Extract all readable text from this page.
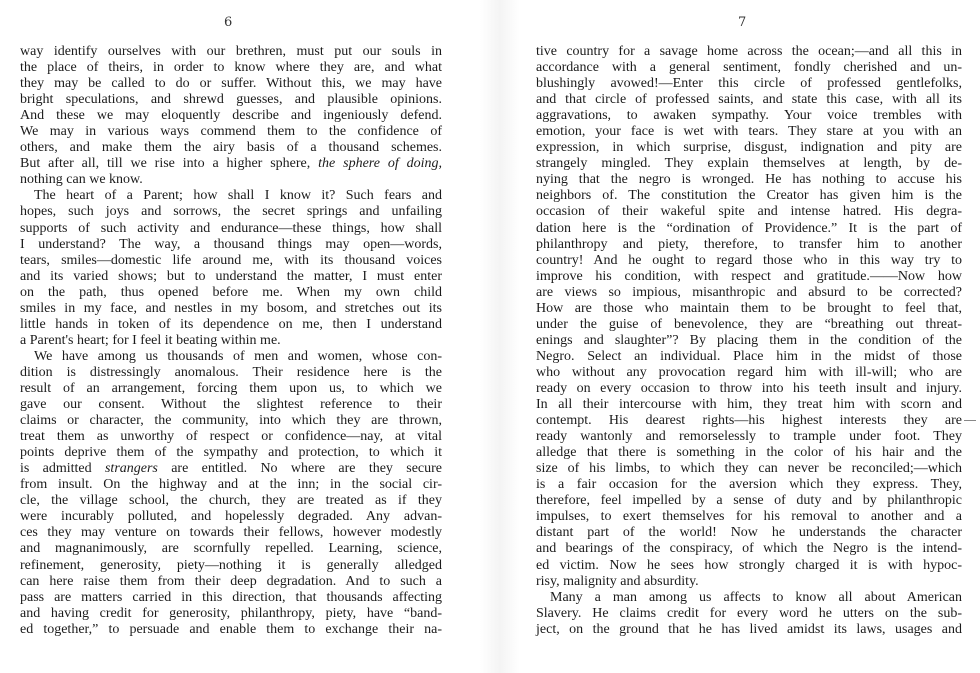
6
way identify ourselves with our brethren, must put our souls in
the place of theirs, in order to know where they are, and what
they may be called to do or suffer. Without this, we may have
bright speculations, and shrewd guesses, and plausible opinions.
And these we may eloquently describe and ingeniously defend.
We may in various ways commend them to the confidence of
others, and make them the airy basis of a thousand schemes.
But after all, till we rise into a higher sphere, the sphere of doing,
nothing can we know.
The heart of a Parent; how shall I know it? Such fears and
hopes, such joys and sorrows, the secret springs and unfailing
supports of such activity and endurance—these things, how shall
I understand? The way, a thousand things may open—words,
tears, smiles—domestic life around me, with its thousand voices
and its varied shows; but to understand the matter, I must enter
on the path, thus opened before me. When my own child
smiles in my face, and nestles in my bosom, and stretches out its
little hands in token of its dependence on me, then I understand
a Parent's heart; for I feel it beating within me.
We have among us thousands of men and women, whose con-
dition is distressingly anomalous. Their residence here is the
result of an arrangement, forcing them upon us, to which we
gave our consent. Without the slightest reference to their
claims or character, the community, into which they are thrown,
treat them as unworthy of respect or confidence—nay, at vital
points deprive them of the sympathy and protection, to which it
is admitted strangers are entitled. No where are they secure
from insult. On the highway and at the inn; in the social cir-
cle, the village school, the church, they are treated as if they
were incurably polluted, and hopelessly degraded. Any advan-
ces they may venture on towards their fellows, however modestly
and magnanimously, are scornfully repelled. Learning, science,
refinement, generosity, piety—nothing it is generally alledged
can here raise them from their deep degradation. And to such a
pass are matters carried in this direction, that thousands affecting
and having credit for generosity, philanthropy, piety, have “band-
ed together,” to persuade and enable them to exchange their na-
7
tive country for a savage home across the ocean;—and all this in
accordance with a general sentiment, fondly cherished and un-
blushingly avowed!—Enter this circle of professed gentlefolks,
and that circle of professed saints, and state this case, with all its
aggravations, to awaken sympathy. Your voice trembles with
emotion, your face is wet with tears. They stare at you with an
expression, in which surprise, disgust, indignation and pity are
strangely mingled. They explain themselves at length, by de-
nying that the negro is wronged. He has nothing to accuse his
neighbors of. The constitution the Creator has given him is the
occasion of their wakeful spite and intense hatred. His degra-
dation here is the “ordination of Providence.” It is the part of
philanthropy and piety, therefore, to transfer him to another
country! And he ought to regard those who in this way try to
improve his condition, with respect and gratitude.——Now how
are views so impious, misanthropic and absurd to be corrected?
How are those who maintain them to be brought to feel that,
under the guise of benevolence, they are “breathing out threat-
enings and slaughter”? By placing them in the condition of the
Negro. Select an individual. Place him in the midst of those
who without any provocation regard him with ill-will; who are
ready on every occasion to throw into his teeth insult and injury.
In all their intercourse with him, they treat him with scorn and
contempt. His dearest rights—his highest interests they are
ready wantonly and remorselessly to trample under foot. They
alledge that there is something in the color of his hair and the
size of his limbs, to which they can never be reconciled;—which
is a fair occasion for the aversion which they express. They,
therefore, feel impelled by a sense of duty and by philanthropic
impulses, to exert themselves for his removal to another and a
distant part of the world! Now he understands the character
and bearings of the conspiracy, of which the Negro is the intend-
ed victim. Now he sees how strongly charged it is with hypoc-
risy, malignity and absurdity.
Many a man among us affects to know all about American
Slavery. He claims credit for every word he utters on the sub-
ject, on the ground that he has lived amidst its laws, usages and
